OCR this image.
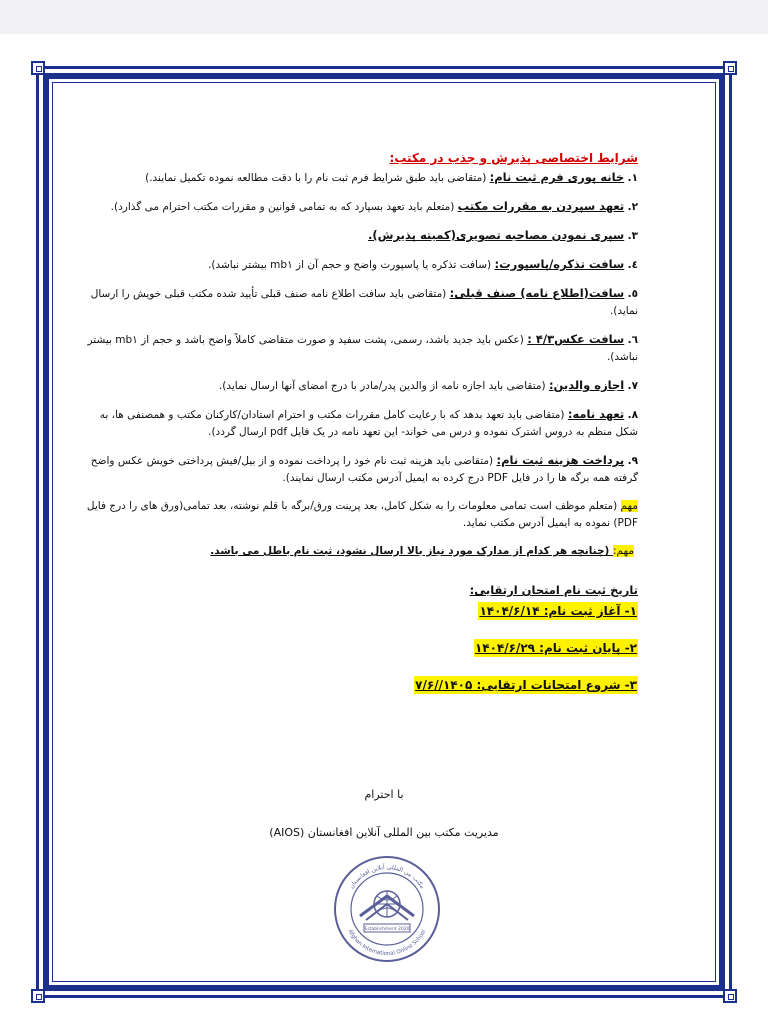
شرایط اختصاصی پذیرش و جذب در مکتب:
١. خانه پوری فرم ثبت نام: (متقاضی باید طبق شرایط فرم ثبت نام را با دقت مطالعه نموده تکمیل نمایند.)
٢. تعهد سپردن به مقررات مکتب (متعلم باید تعهد بسپارد که به تمامی قوانین و مقررات مکتب احترام می گذارد).
٣. سپری نمودن مصاحبه تصویری(کمیته پذیرش).
٤. سافت تذکره/پاسپورت: (سافت تذکره یا پاسپورت واضح و حجم آن از mb١ بیشتر نباشد).
٥. سافت(اطلاع نامه) صنف قبلی: (متقاضی باید سافت اطلاع نامه صنف قبلی تأیید شده مکتب قبلی خویش را ارسال نماید).
٦. سافت عکس۴/۳ : (عکس باید جدید باشد، رسمی، پشت سفید و صورت متقاضی کاملاً واضح باشد و حجم از mb١ بیشتر نباشد).
٧. اجازه والدین: (متقاضی باید اجازه نامه از والدین پدر/مادر با درج امضای آنها ارسال نماید).
٨. تعهد نامه: (متقاضی باید تعهد بدهد که با رعایت کامل مقررات مکتب و احترام استادان/کارکنان مکتب و همصنفی ها، به شکل منظم به دروس اشترک نموده و درس می خواند- این تعهد نامه در یک فایل pdf ارسال گردد).
٩. پرداخت هزینه ثبت نام: (متقاضی باید هزینه ثبت نام خود را پرداخت نموده و از بیل/فیش پرداختی خویش عکس واضح گرفته همه برگه ها را در فایل PDF درج کرده به ایمیل آدرس مکتب ارسال نمایند).
مهم (متعلم موظف است تمامی معلومات را به شکل کامل، بعد پرینت ورق/برگه با قلم نوشته، بعد تمامی(ورق های را درج فایل PDF) نموده به ایمیل آدرس مکتب نماید.
مهم: (چنانچه هر کدام از مدارک مورد نیاز بالا ارسال نشود، ثبت نام باطل می باشد.
تاریخ ثبت نام امتحان ارتقایی:
١- آغاز ثبت نام: ١۴٠۴/۶/١۴
٢- پایان ثبت نام: ١۴٠۴/۶/٢٩
٣- شروع امتحانات ارتقایی: ١۴٠۵//٧/۶
با احترام
مدیریت مکتب بین المللی آنلاین افغانستان (AIOS)
مکتب بین المللی آنلاین افغانستان
Afghan International Online School
Establishment 2020
